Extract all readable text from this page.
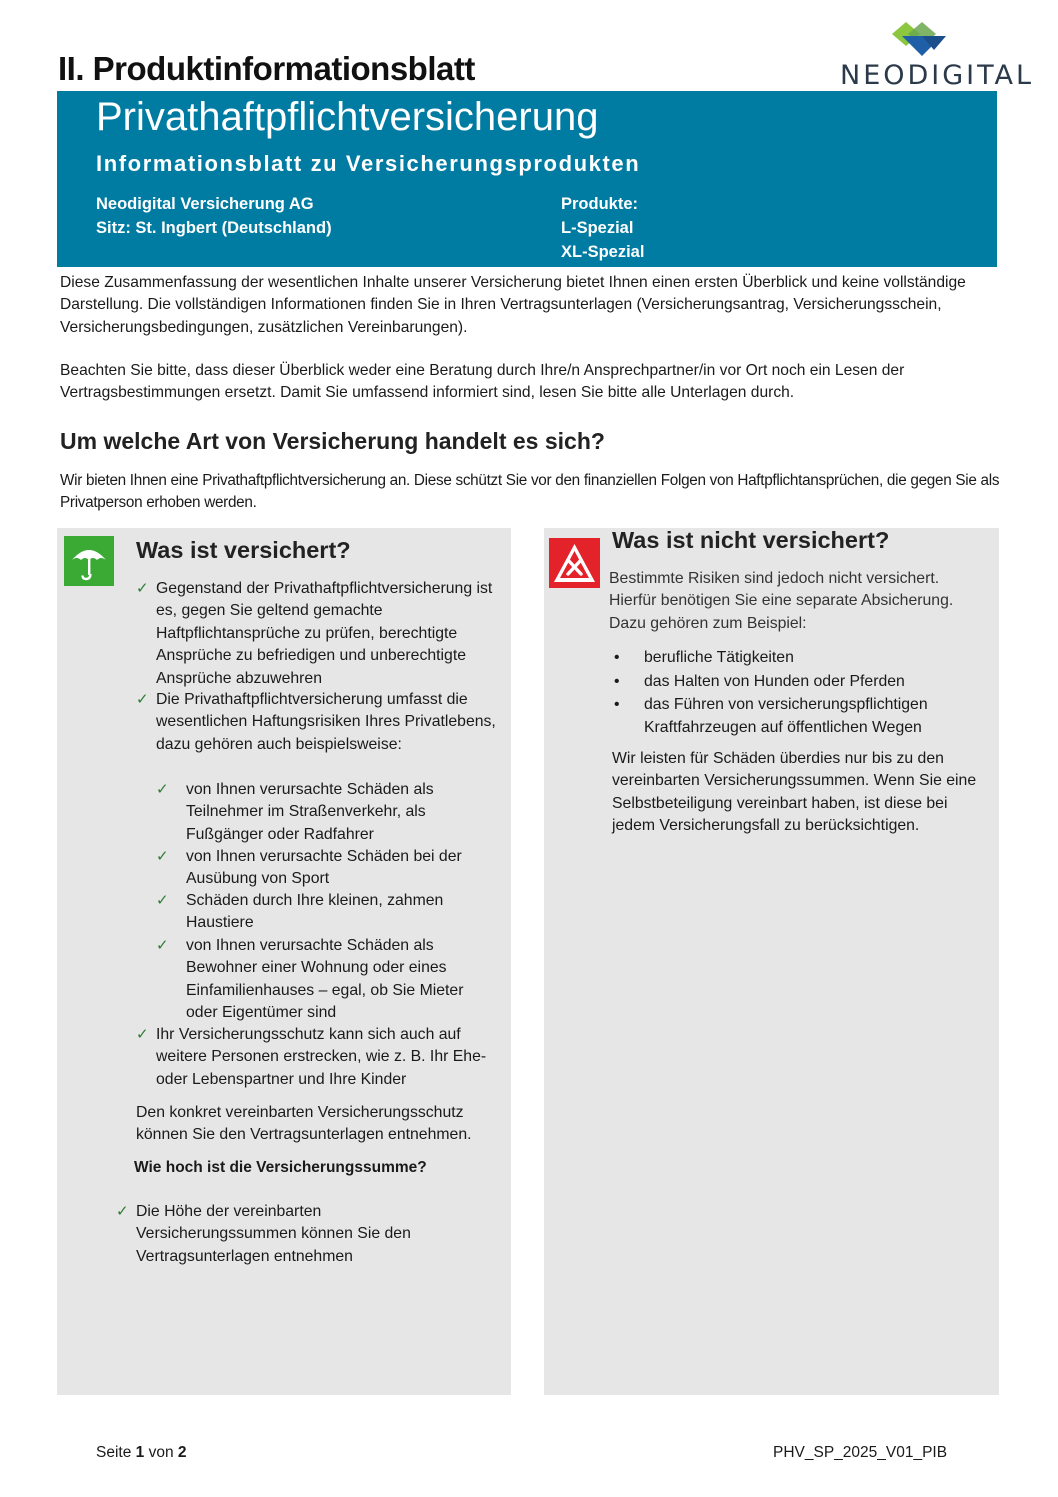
II. Produktinformationsblatt	NEODIGITAL
Privathaftpflichtversicherung
Informationsblatt zu Versicherungsprodukten
Neodigital Versicherung AG
Sitz: St. Ingbert (Deutschland)
Produkte:
L-Spezial
XL-Spezial

Diese Zusammenfassung der wesentlichen Inhalte unserer Versicherung bietet Ihnen einen ersten Überblick und keine vollständige Darstellung. Die vollständigen Informationen finden Sie in Ihren Vertragsunterlagen (Versicherungsantrag, Versicherungsschein, Versicherungsbedingungen, zusätzlichen Vereinbarungen).

Beachten Sie bitte, dass dieser Überblick weder eine Beratung durch Ihre/n Ansprechpartner/in vor Ort noch ein Lesen der Vertragsbestimmungen ersetzt. Damit Sie umfassend informiert sind, lesen Sie bitte alle Unterlagen durch.

Um welche Art von Versicherung handelt es sich?

Wir bieten Ihnen eine Privathaftpflichtversicherung an. Diese schützt Sie vor den finanziellen Folgen von Haftpflichtansprüchen, die gegen Sie als Privatperson erhoben werden.

Was ist versichert?
✓ Gegenstand der Privathaftpflichtversicherung ist es, gegen Sie geltend gemachte Haftpflichtansprüche zu prüfen, berechtigte Ansprüche zu befriedigen und unberechtigte Ansprüche abzuwehren
✓ Die Privathaftpflichtversicherung umfasst die wesentlichen Haftungsrisiken Ihres Privatlebens, dazu gehören auch beispielsweise:
✓ von Ihnen verursachte Schäden als Teilnehmer im Straßenverkehr, als Fußgänger oder Radfahrer
✓ von Ihnen verursachte Schäden bei der Ausübung von Sport
✓ Schäden durch Ihre kleinen, zahmen Haustiere
✓ von Ihnen verursachte Schäden als Bewohner einer Wohnung oder eines Einfamilienhauses – egal, ob Sie Mieter oder Eigentümer sind
✓ Ihr Versicherungsschutz kann sich auch auf weitere Personen erstrecken, wie z. B. Ihr Ehe- oder Lebenspartner und Ihre Kinder
Den konkret vereinbarten Versicherungsschutz können Sie den Vertragsunterlagen entnehmen.
Wie hoch ist die Versicherungssumme?
✓ Die Höhe der vereinbarten Versicherungssummen können Sie den Vertragsunterlagen entnehmen
Was ist nicht versichert?
Bestimmte Risiken sind jedoch nicht versichert. Hierfür benötigen Sie eine separate Absicherung. Dazu gehören zum Beispiel:
• berufliche Tätigkeiten
• das Halten von Hunden oder Pferden
• das Führen von versicherungspflichtigen Kraftfahrzeugen auf öffentlichen Wegen
Wir leisten für Schäden überdies nur bis zu den vereinbarten Versicherungssummen. Wenn Sie eine Selbstbeteiligung vereinbart haben, ist diese bei jedem Versicherungsfall zu berücksichtigen.
Seite 1 von 2	PHV_SP_2025_V01_PIB
